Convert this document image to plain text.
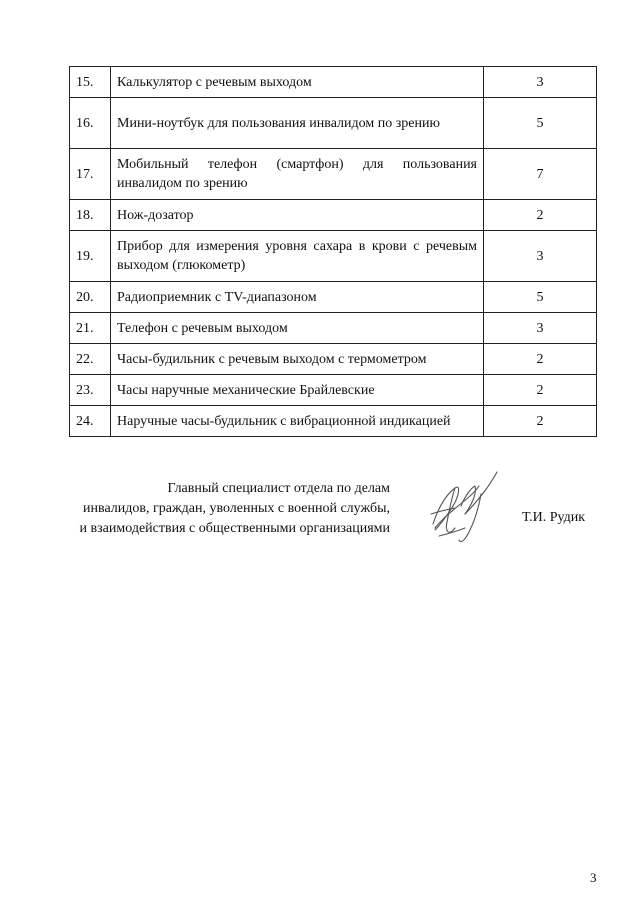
15.	Калькулятор с речевым выходом	3
16.	Мини-ноутбук для пользования инвалидом по зрению	5
17.	Мобильный телефон (смартфон) для пользования инвалидом по зрению	7
18.	Нож-дозатор	2
19.	Прибор для измерения уровня сахара в крови с речевым выходом (глюкометр)	3
20.	Радиоприемник с TV-диапазоном	5
21.	Телефон с речевым выходом	3
22.	Часы-будильник с речевым выходом с термометром	2
23.	Часы наручные механические Брайлевские	2
24.	Наручные часы-будильник с вибрационной индикацией	2
Главный специалист отдела по делам
инвалидов, граждан, уволенных с военной службы,
и взаимодействия с общественными организациями
Т.И. Рудик
3
